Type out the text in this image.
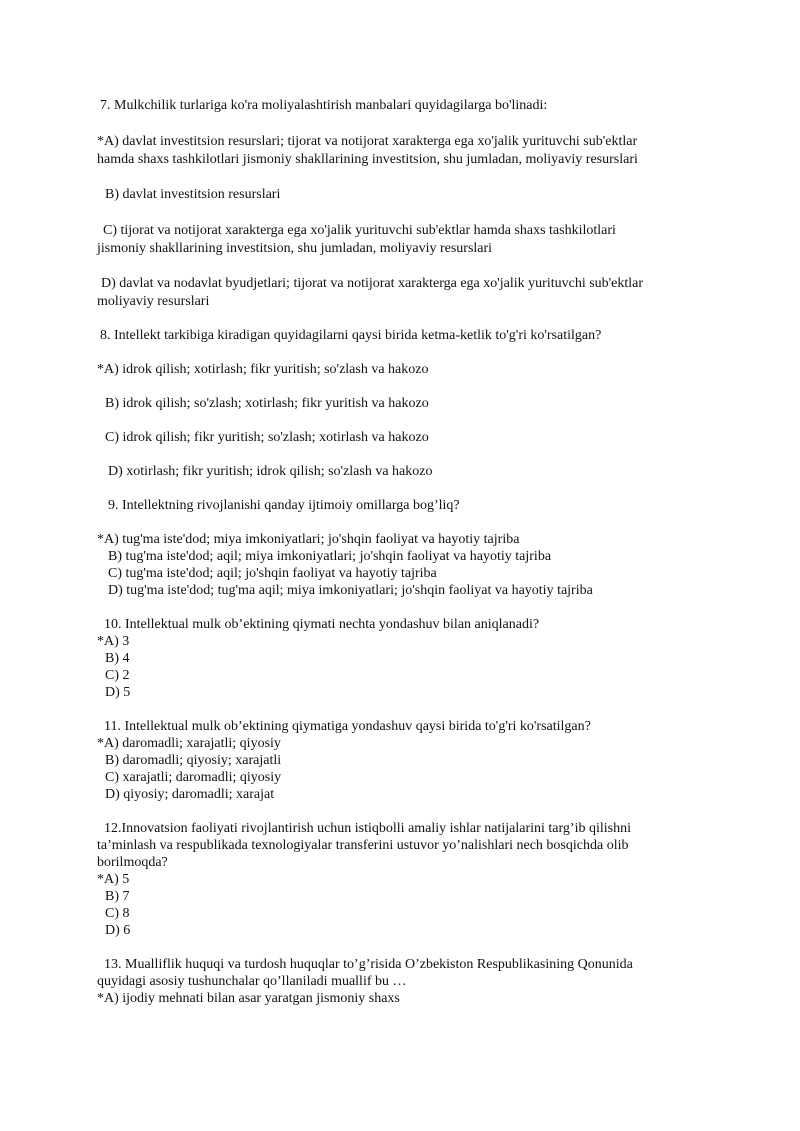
7. Mulkchilik turlariga ko'ra moliyalashtirish manbalari quyidagilarga bo'linadi:

*A) davlat investitsion resurslari; tijorat va notijorat xarakterga ega xo'jalik yurituvchi sub'ektlar

hamda shaxs tashkilotlari jismoniy shakllarining investitsion, shu jumladan, moliyaviy resurslari

B) davlat investitsion resurslari

C) tijorat va notijorat xarakterga ega xo'jalik yurituvchi sub'ektlar hamda shaxs tashkilotlari

jismoniy shakllarining investitsion, shu jumladan, moliyaviy resurslari

D) davlat va nodavlat byudjetlari; tijorat va notijorat xarakterga ega xo'jalik yurituvchi sub'ektlar

moliyaviy resurslari

8. Intellekt tarkibiga kiradigan quyidagilarni qaysi birida ketma-ketlik to'g'ri ko'rsatilgan?

*A) idrok qilish; xotirlash; fikr yuritish; so'zlash va hakozo

B) idrok qilish; so'zlash; xotirlash; fikr yuritish va hakozo

C) idrok qilish; fikr yuritish; so'zlash; xotirlash va hakozo

D) xotirlash; fikr yuritish; idrok qilish; so'zlash va hakozo

9. Intellektning rivojlanishi qanday ijtimoiy omillarga bog’liq?

*A) tug'ma iste'dod; miya imkoniyatlari; jo'shqin faoliyat va hayotiy tajriba

B) tug'ma iste'dod; aqil; miya imkoniyatlari; jo'shqin faoliyat va hayotiy tajriba

C) tug'ma iste'dod; aqil; jo'shqin faoliyat va hayotiy tajriba

D) tug'ma iste'dod; tug'ma aqil; miya imkoniyatlari; jo'shqin faoliyat va hayotiy tajriba

10. Intellektual mulk ob’ektining qiymati nechta yondashuv bilan aniqlanadi?

*A) 3

B) 4

C) 2

D) 5

11. Intellektual mulk ob’ektining qiymatiga yondashuv qaysi birida to'g'ri ko'rsatilgan?

*A) daromadli; xarajatli; qiyosiy

B) daromadli; qiyosiy; xarajatli

C) xarajatli; daromadli; qiyosiy

D) qiyosiy; daromadli; xarajat

12.Innovatsion faoliyati rivojlantirish uchun istiqbolli amaliy ishlar natijalarini targ’ib qilishni

ta’minlash va respublikada texnologiyalar transferini ustuvor yo’nalishlari nech bosqichda olib

borilmoqda?

*A) 5

B) 7

C) 8

D) 6

13. Mualliflik huquqi va turdosh huquqlar to’g’risida O’zbekiston Respublikasining Qonunida

quyidagi asosiy tushunchalar qo’llaniladi muallif bu …

*A) ijodiy mehnati bilan asar yaratgan jismoniy shaxs
